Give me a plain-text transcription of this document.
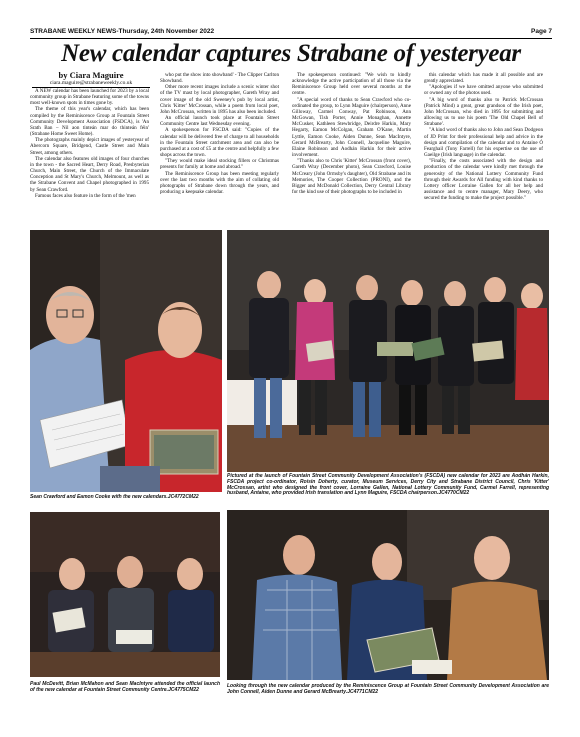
STRABANE WEEKLY NEWS-Thursday, 24th November 2022	Page 7
New calendar captures Strabane of yesteryear
by Ciara Maguire
ciara.maguire@strabaneweekly.co.uk

A NEW calendar has been launched for 2023 by a local community group in Strabane featuring some of the towns most well-known spots in times gone by.

The theme of this year's calendar, which has been compiled by the Reminiscence Group at Fountain Street Community Development Association (FSDCA), is 'An Srath Ban – Nil aon tinteán mar do thinteán féin' (Strabane Home Sweet Home).

The photographs mainly depict images of yesteryear of Abercorn Square, Bridgend, Castle Street and Main Street, among others.

The calendar also features old images of four churches in the town - the Sacred Heart, Derry Road, Presbyterian Church, Main Street, the Church of the Immaculate Conception and St Mary's Church, Melmount, as well as the Strabane Convent and Chapel photographed in 1995 by Sean Crawford.

Famous faces also feature in the form of the 'men

who put the show into showband' - The Clipper Carlton Showband.

Other more recent images include a scenic winter shot of the TV mast by local photographer, Gareth Wray and cover image of the old Sweeney's pub by local artist, Chris 'Kitter' McCrossan, while a poem from local poet, John McCrossan, written in 1895 has also been included.

An official launch took place at Fountain Street Community Centre last Wednesday evening.

A spokesperson for FSCDA said: "Copies of the calendar will be delivered free of charge to all households in the Fountain Street catchment area and can also be purchased at a cost of £5 at the centre and helpfully a few shops across the town.

"They would make ideal stocking fillers or Christmas presents for family at home and abroad."

The Reminiscence Group has been meeting regularly over the last two months with the aim of collating old photographs of Strabane down through the years, and producing a keepsake calendar.

The spokesperson continued: "We wish to kindly acknowledge the active participation of all those via the Reminiscence Group held over several months at the centre.

"A special word of thanks to Sean Crawford who co-ordinated the group, to Lynn Maguire (chairperson), Anne Gilloway, Carmel Conway, Pat Robinson, Ann McGowan, Tish Porter, Annie Monaghan, Annette McCusker, Kathleen Stewbridge, Deirdre Harkin, Mary Hegarty, Eamon McColgan, Graham O'Kane, Martin Lyttle, Eamon Cooke, Aiden Dunne, Sean MacIntyre, Gerard McBrearty, John Connell, Jacqueline Maguire, Elaine Robinson and Aodhán Harkin for their active involvement.

"Thanks also to Chris 'Kitter' McCrossan (front cover), Gareth Wray (December photo), Sean Crawford, Louise McCreary (John Ormsby's daughter), Old Strabane and its Memories, The Cooper Collection (PRONI), and the Bigger and McDonald Collection, Derry Central Library for the kind use of their photographs to be included in

this calendar which has made it all possible and are greatly appreciated.

"Apologies if we have omitted anyone who submitted or owned any of the photos used.

"A big word of thanks also to Patrick McCrossan (Patrick Mind) a great, great grandson of the Irish poet, John McCrossan, who died in 1895 for submitting and allowing us to use his poem 'The Old Chapel Bell of Strabane'.

"A kind word of thanks also to John and Sean Dodgeon of JD Print for their professional help and advice in the design and compilation of the calendar and to Antaine Ó Fearghail (Tony Farrell) for his expertise on the use of Gaeilge (Irish language) in the calendar.

"Finally, the costs associated with the design and production of the calendar were kindly met through the generosity of the National Lottery Community Fund through their Awards for All funding with kind thanks to Lottery officer Lorraine Gallen for all her help and assistance and to centre manager, Mary Deery, who secured the funding to make the project possible."

Sean Crawford and Eamon Cooke with the new calendars.JC4772CM22
Pictured at the launch of Fountain Street Community Development Association's (FSCDA) new calendar for 2023 are Aodhán Harkin, FSCDA project co-ordinator, Roisin Doherty, curator, Museum Services, Derry City and Strabane District Council, Chris 'Kitter' McCrossan, artist who designed the front cover, Lorraine Gallen, National Lottery Community Fund, Carmel Farrell, representing husband, Antaine, who provided Irish translation and Lynn Maguire, FSCDA chairperson.JC4770CM22
Paul McDevitt, Brian McMahon and Sean MacIntyre attended the official launch of the new calendar at Fountain Street Community Centre.JC4775CM22
Looking through the new calendar produced by the Reminiscence Group at Fountain Street Community Development Association are John Connell, Aiden Dunne and Gerard McBrearty.JC4771CM22
